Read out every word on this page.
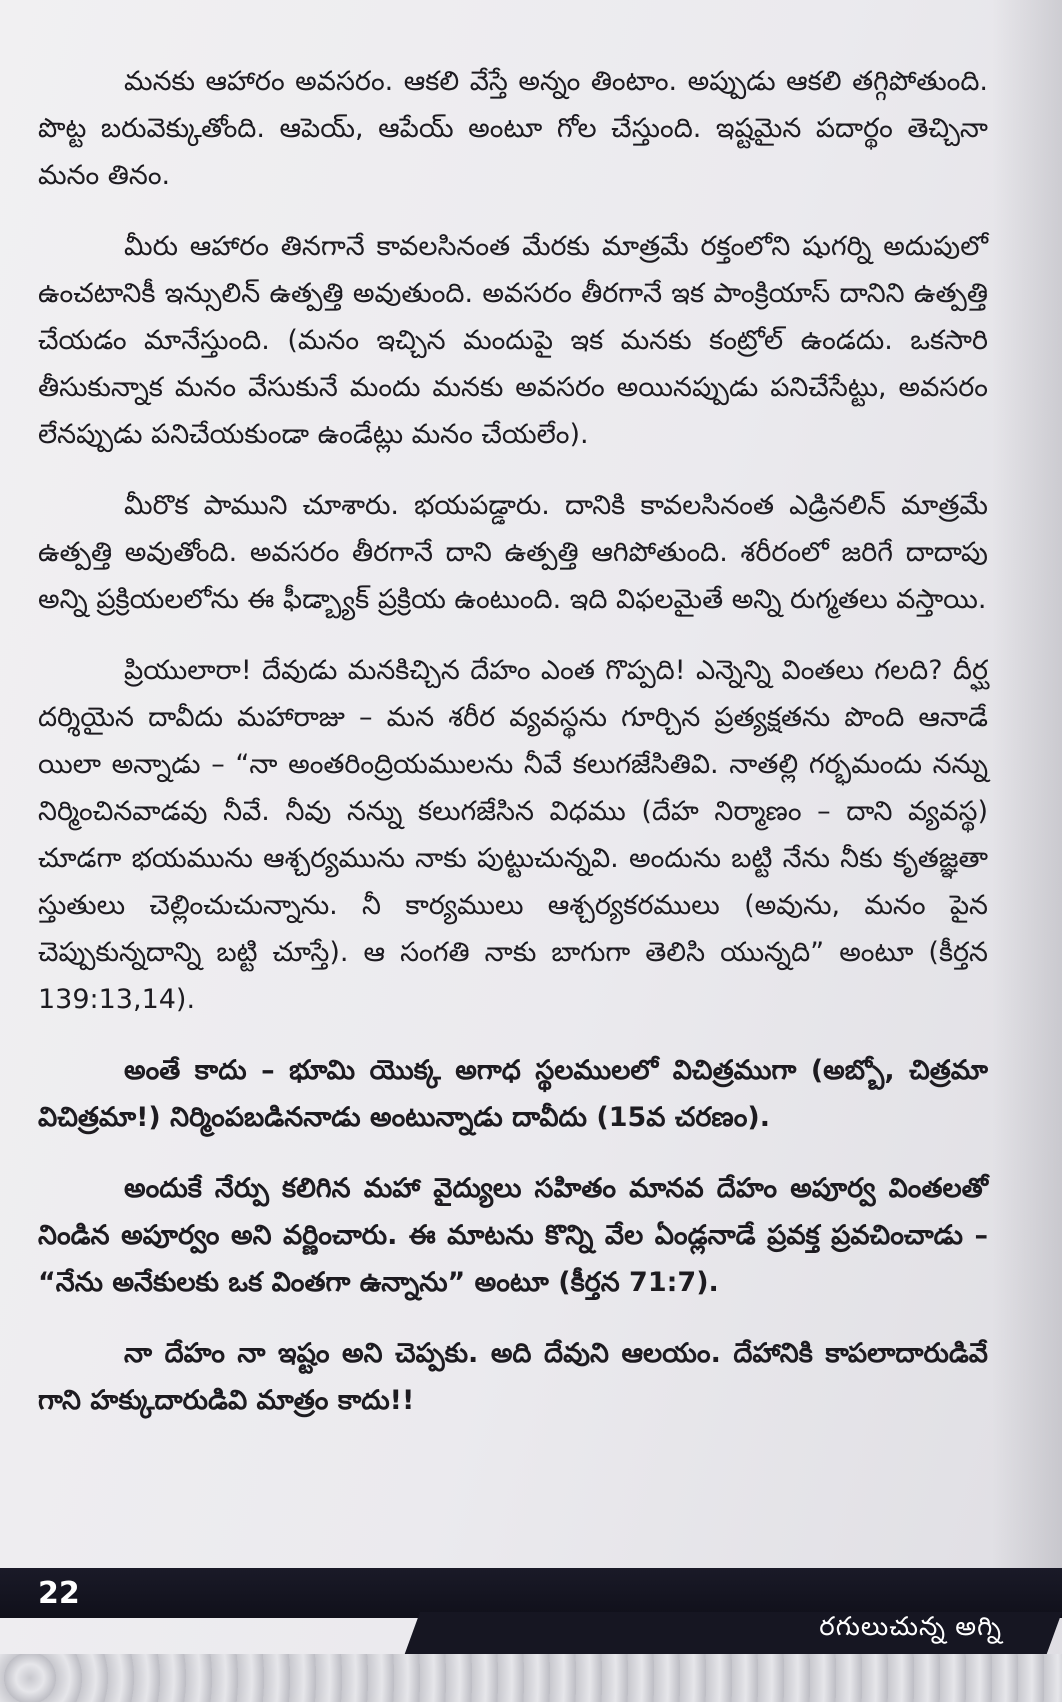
మనకు ఆహారం అవసరం. ఆకలి వేస్తే అన్నం తింటాం. అప్పుడు ఆకలి తగ్గిపోతుంది. పొట్ట బరువెక్కుతోంది. ఆపెయ్, ఆపేయ్ అంటూ గోల చేస్తుంది. ఇష్టమైన పదార్థం తెచ్చినా మనం తినం.

మీరు ఆహారం తినగానే కావలసినంత మేరకు మాత్రమే రక్తంలోని షుగర్ని అదుపులో ఉంచటానికీ ఇన్సులిన్ ఉత్పత్తి అవుతుంది. అవసరం తీరగానే ఇక పాంక్రియాస్ దానిని ఉత్పత్తి చేయడం మానేస్తుంది. (మనం ఇచ్చిన మందుపై ఇక మనకు కంట్రోల్ ఉండదు. ఒకసారి తీసుకున్నాక మనం వేసుకునే మందు మనకు అవసరం అయినప్పుడు పనిచేసేట్టు, అవసరం లేనప్పుడు పనిచేయకుండా ఉండేట్లు మనం చేయలేం).

మీరొక పాముని చూశారు. భయపడ్డారు. దానికి కావలసినంత ఎడ్రినలిన్ మాత్రమే ఉత్పత్తి అవుతోంది. అవసరం తీరగానే దాని ఉత్పత్తి ఆగిపోతుంది. శరీరంలో జరిగే దాదాపు అన్ని ప్రక్రియలలోను ఈ ఫీడ్బ్యాక్ ప్రక్రియ ఉంటుంది. ఇది విఫలమైతే అన్ని రుగ్మతలు వస్తాయి.

ప్రియులారా! దేవుడు మనకిచ్చిన దేహం ఎంత గొప్పది! ఎన్నెన్ని వింతలు గలది? దీర్ఘ దర్శియైన దావీదు మహారాజు – మన శరీర వ్యవస్థను గూర్చిన ప్రత్యక్షతను పొంది ఆనాడే యిలా అన్నాడు – “నా అంతరింద్రియములను నీవే కలుగజేసితివి. నాతల్లి గర్భమందు నన్ను నిర్మించినవాడవు నీవే. నీవు నన్ను కలుగజేసిన విధము (దేహ నిర్మాణం – దాని వ్యవస్థ) చూడగా భయమును ఆశ్చర్యమును నాకు పుట్టుచున్నవి. అందును బట్టి నేను నీకు కృతజ్ఞతా స్తుతులు చెల్లించుచున్నాను. నీ కార్యములు ఆశ్చర్యకరములు (అవును, మనం పైన చెప్పుకున్నదాన్ని బట్టి చూస్తే). ఆ సంగతి నాకు బాగుగా తెలిసి యున్నది” అంటూ (కీర్తన 139:13,14).

అంతే కాదు – భూమి యొక్క అగాధ స్థలములలో విచిత్రముగా (అబ్బో, చిత్రమా విచిత్రమా!) నిర్మింపబడిననాడు అంటున్నాడు దావీదు (15వ చరణం).

అందుకే నేర్పు కలిగిన మహా వైద్యులు సహితం మానవ దేహం అపూర్వ వింతలతో నిండిన అపూర్వం అని వర్ణించారు. ఈ మాటను కొన్ని వేల ఏండ్లనాడే ప్రవక్త ప్రవచించాడు – “నేను అనేకులకు ఒక వింతగా ఉన్నాను” అంటూ (కీర్తన 71:7).

నా దేహం నా ఇష్టం అని చెప్పకు. అది దేవుని ఆలయం. దేహానికి కాపలాదారుడివే గాని హక్కుదారుడివి మాత్రం కాదు!!

22
రగులుచున్న అగ్ని
